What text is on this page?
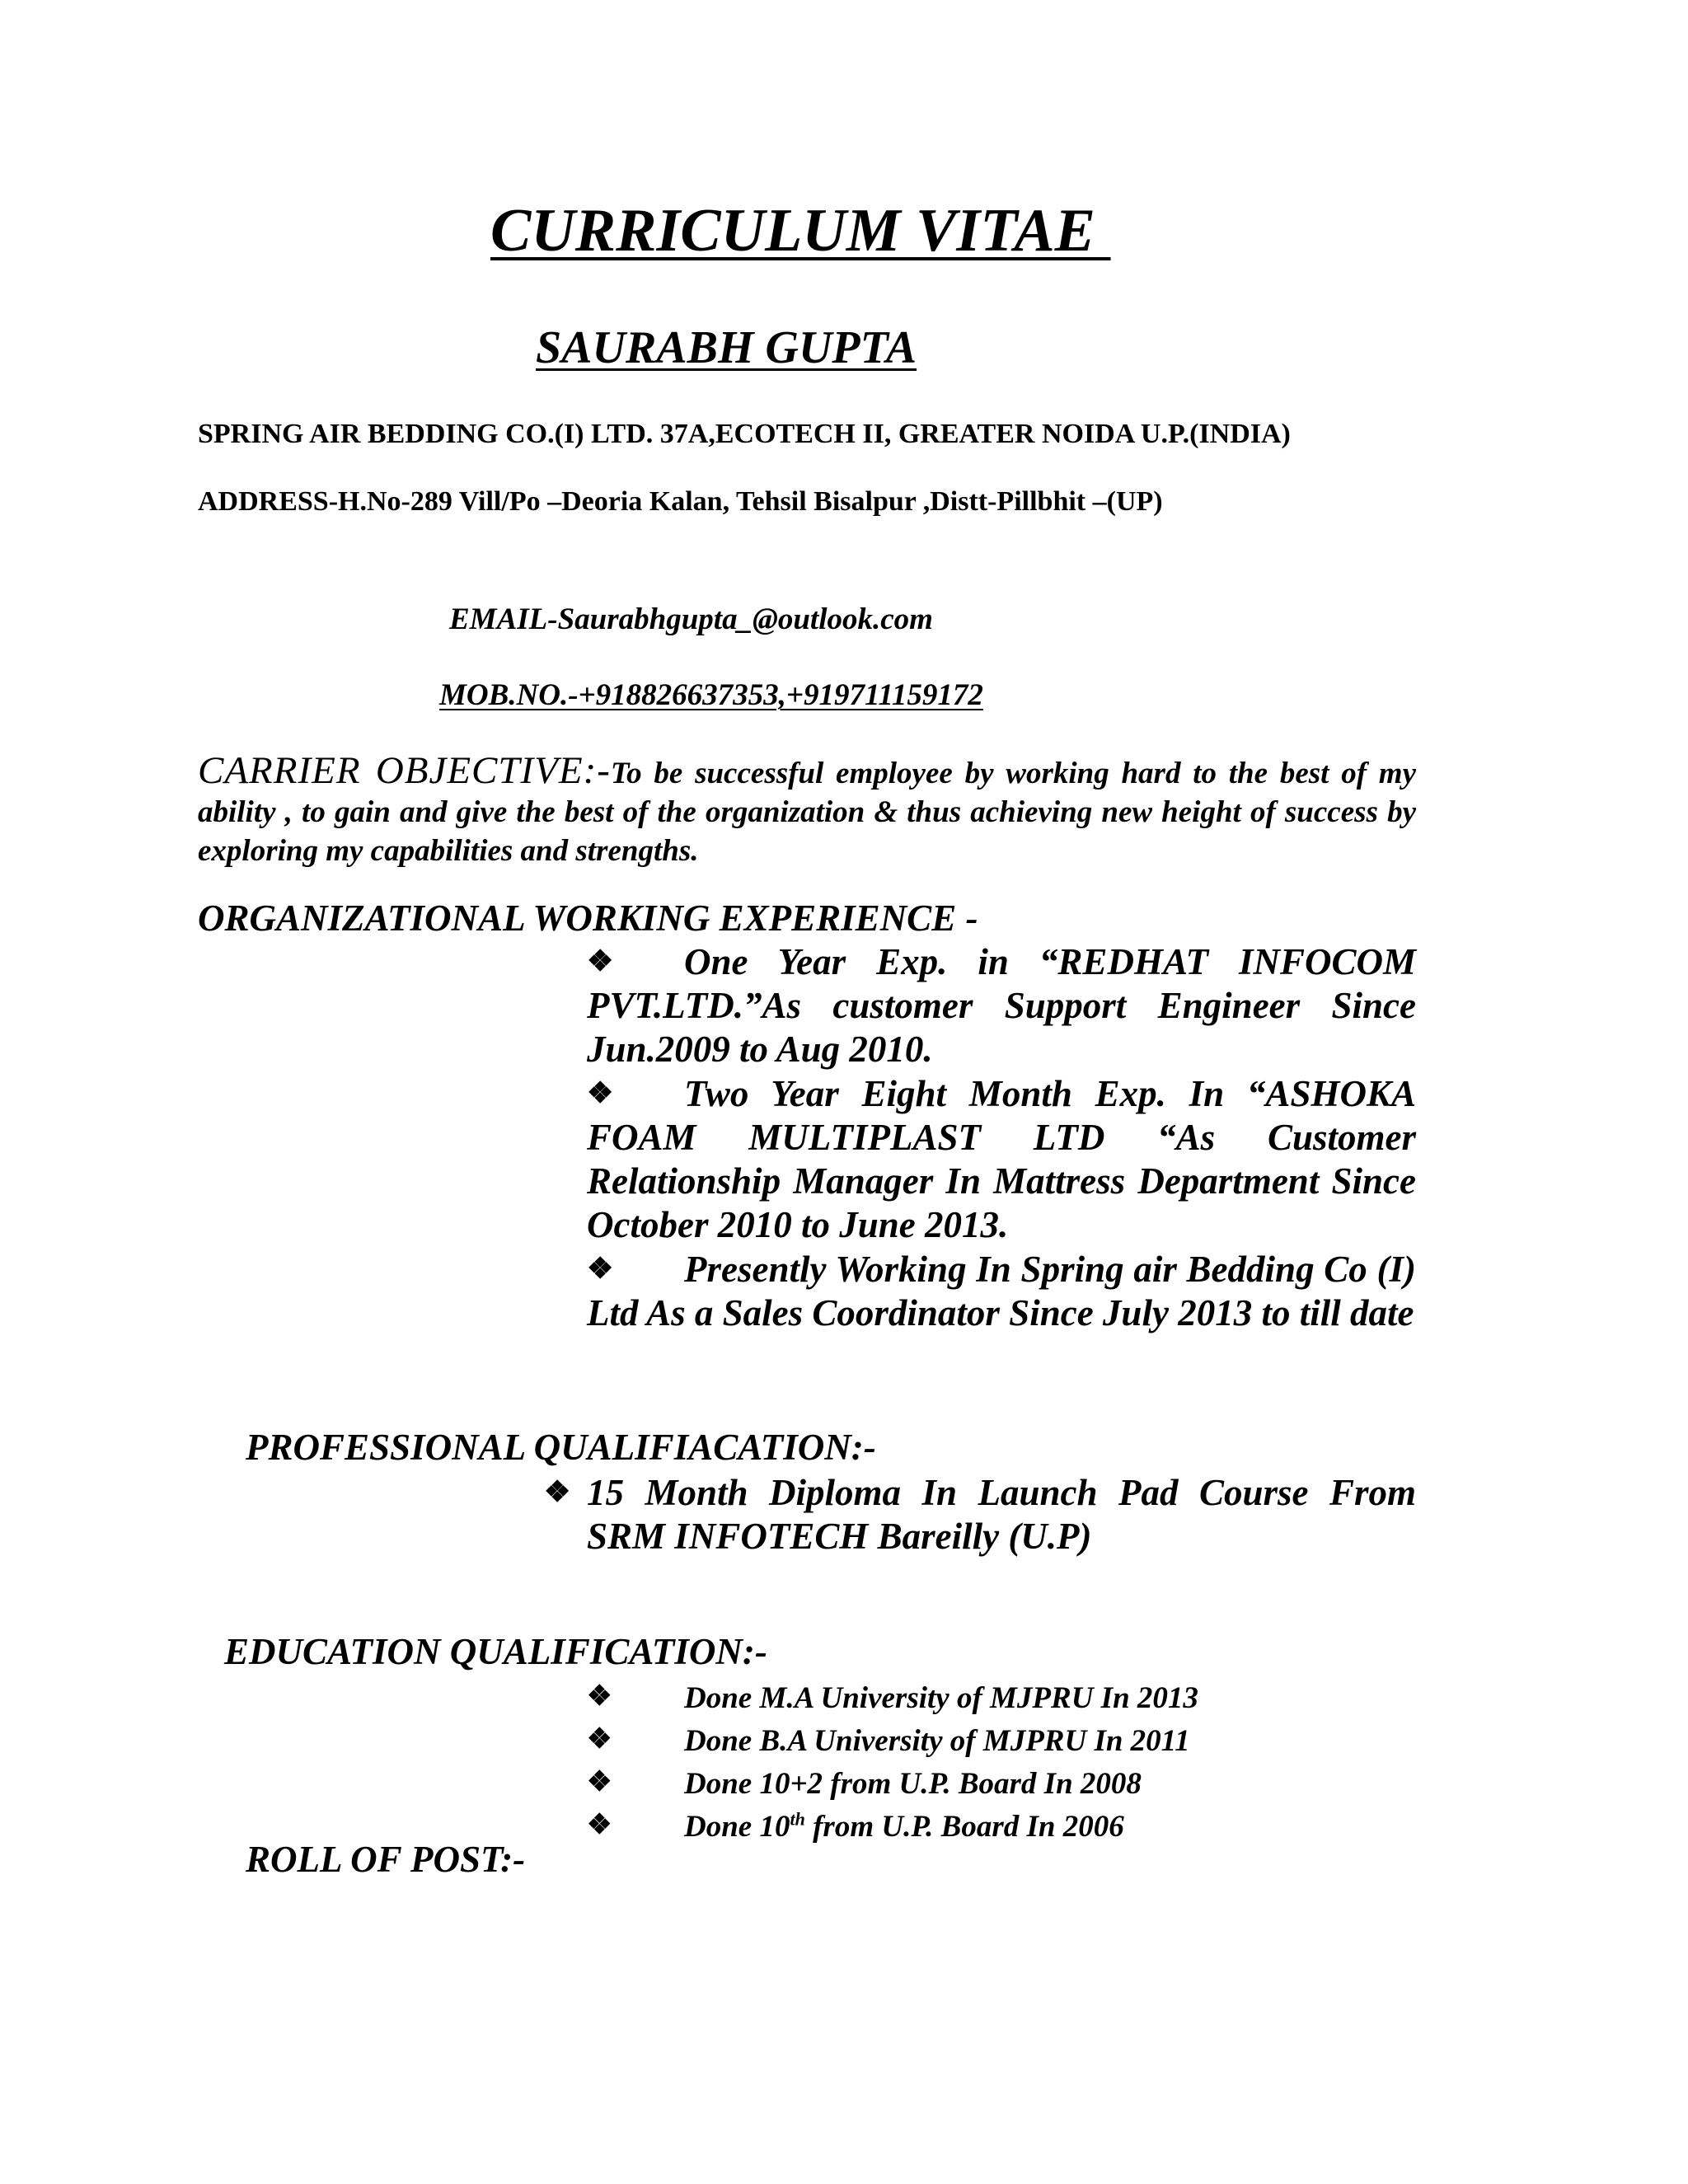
CURRICULUM VITAE
SAURABH GUPTA
SPRING AIR BEDDING CO.(I) LTD. 37A,ECOTECH II, GREATER NOIDA U.P.(INDIA)
ADDRESS-H.No-289 Vill/Po –Deoria Kalan, Tehsil Bisalpur ,Distt-Pillbhit –(UP)
EMAIL-Saurabhgupta_@outlook.com
MOB.NO.-+918826637353,+919711159172
CARRIER OBJECTIVE:-To be successful employee by working hard to the best of my ability , to gain and give the best of the organization & thus achieving new height of success by exploring my capabilities and strengths.
ORGANIZATIONAL WORKING EXPERIENCE -
❖ One Year Exp. in “REDHAT INFOCOM PVT.LTD.”As customer Support Engineer Since Jun.2009 to Aug 2010.
❖ Two Year Eight Month Exp. In “ASHOKA FOAM MULTIPLAST LTD “As Customer Relationship Manager In Mattress Department Since October 2010 to June 2013.
❖ Presently Working In Spring air Bedding Co (I) Ltd As a Sales Coordinator Since July 2013 to till date
PROFESSIONAL QUALIFIACATION:-
❖ 15 Month Diploma In Launch Pad Course From SRM INFOTECH Bareilly (U.P)
EDUCATION QUALIFICATION:-
❖ Done M.A University of MJPRU In 2013
❖ Done B.A University of MJPRU In 2011
❖ Done 10+2 from U.P. Board In 2008
❖ Done 10th from U.P. Board In 2006
ROLL OF POST:-
